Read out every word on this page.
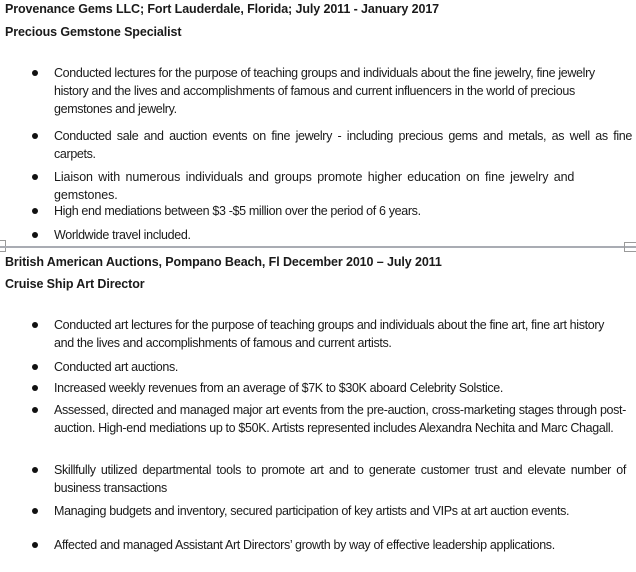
Provenance Gems LLC; Fort Lauderdale, Florida; July 2011 - January 2017
Precious Gemstone Specialist
Conducted lectures for the purpose of teaching groups and individuals about the fine jewelry, fine jewelry history and the lives and accomplishments of famous and current influencers in the world of precious gemstones and jewelry.
Conducted sale and auction events on fine jewelry - including precious gems and metals, as well as fine carpets.
Liaison with numerous individuals and groups promote higher education on fine jewelry and gemstones.
High end mediations between $3 -$5 million over the period of 6 years.
Worldwide travel included.
British American Auctions, Pompano Beach, Fl December 2010 – July 2011
Cruise Ship Art Director
Conducted art lectures for the purpose of teaching groups and individuals about the fine art, fine art history and the lives and accomplishments of famous and current artists.
Conducted art auctions.
Increased weekly revenues from an average of $7K to $30K aboard Celebrity Solstice.
Assessed, directed and managed major art events from the pre-auction, cross-marketing stages through post- auction. High-end mediations up to $50K. Artists represented includes Alexandra Nechita and Marc Chagall.
Skillfully utilized departmental tools to promote art and to generate customer trust and elevate number of business transactions
Managing budgets and inventory, secured participation of key artists and VIPs at art auction events.
Affected and managed Assistant Art Directors’ growth by way of effective leadership applications.
